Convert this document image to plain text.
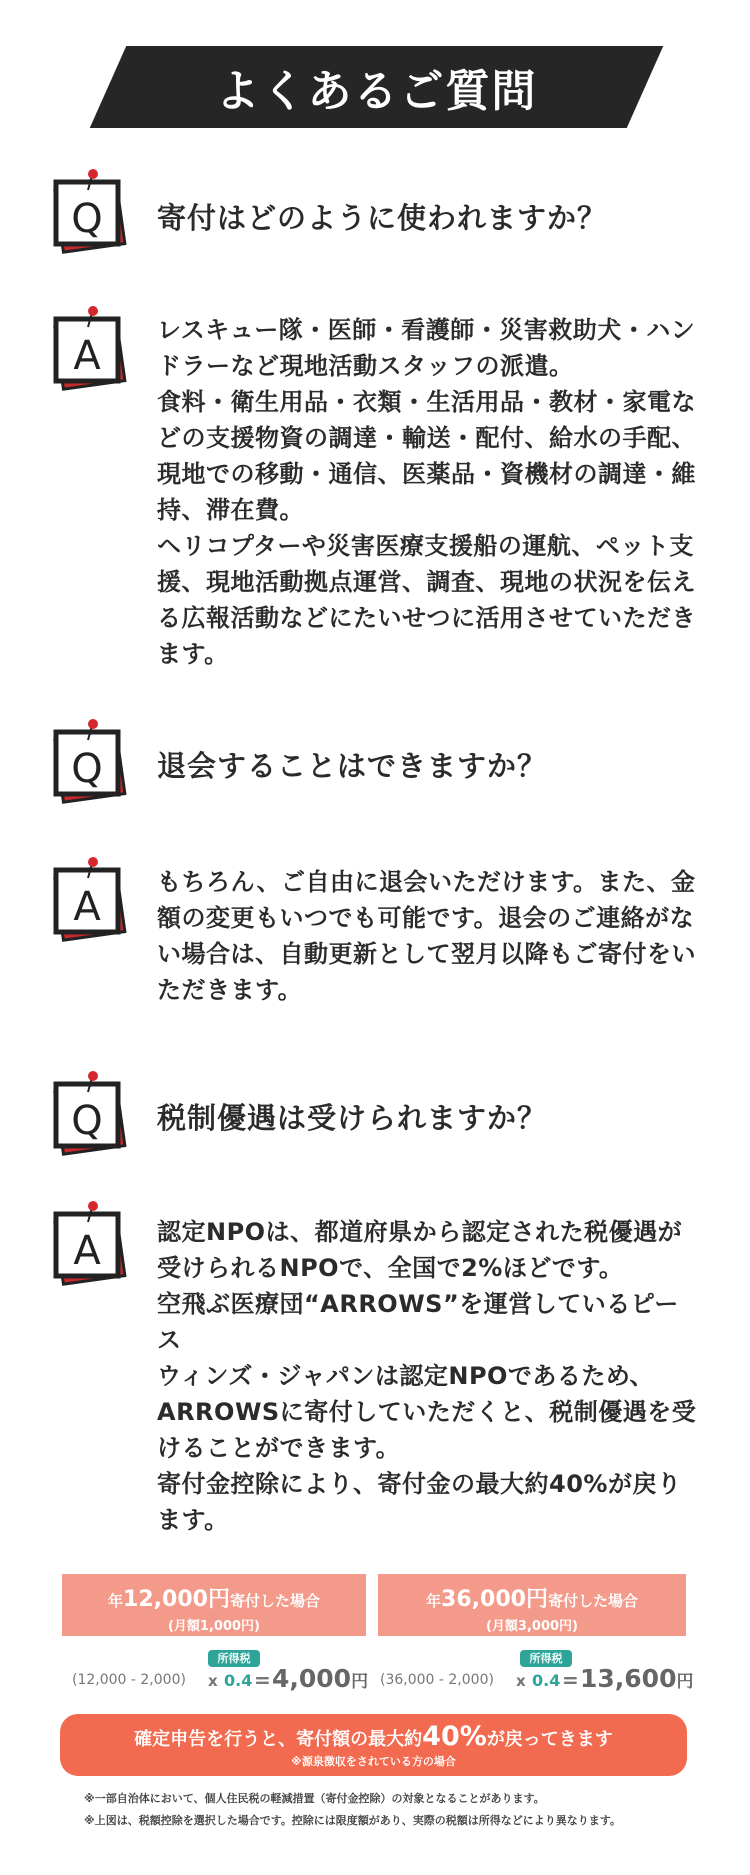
よくあるご質問
Q 寄付はどのように使われますか？
A

レスキュー隊・医師・看護師・災害救助犬・ハン
ドラーなど現地活動スタッフの派遣。

食料・衛生用品・衣類・生活用品・教材・家電な
どの支援物資の調達・輸送・配付、給水の手配、
現地での移動・通信、医薬品・資機材の調達・維
持、滞在費。

ヘリコプターや災害医療支援船の運航、ペット支
援、現地活動拠点運営、調査、現地の状況を伝え
る広報活動などにたいせつに活用させていただき
ます。

Q 退会することはできますか？
A

もちろん、ご自由に退会いただけます。また、金
額の変更もいつでも可能です。退会のご連絡がな
い場合は、自動更新として翌月以降もご寄付をい
ただきます。

Q 税制優遇は受けられますか？
A 認定NPOは、都道府県から認定された税優遇が
受けられるNPOで、全国で2%ほどです。

空飛ぶ医療団“ARROWS”を運営しているピース
ウィンズ・ジャパンは認定NPOであるため、
ARROWSに寄付していただくと、税制優遇を受
けることができます。

寄付金控除により、寄付金の最大約40%が戻り
ます。

年12,000円寄付した場合
(月額1,000円)
年36,000円寄付した場合
(月額3,000円)
(12,000 - 2,000) x
所得税
0.4 = 4,000円 (36,000 - 2,000) x
所得税
0.4 = 13,600円
確定申告を行うと、寄付額の最大約40%が戻ってきます
※源泉徴収をされている方の場合
※一部自治体において、個人住民税の軽減措置（寄付金控除）の対象となることがあります。
※上図は、税額控除を選択した場合です。控除には限度額があり、実際の税額は所得などにより異なります。
